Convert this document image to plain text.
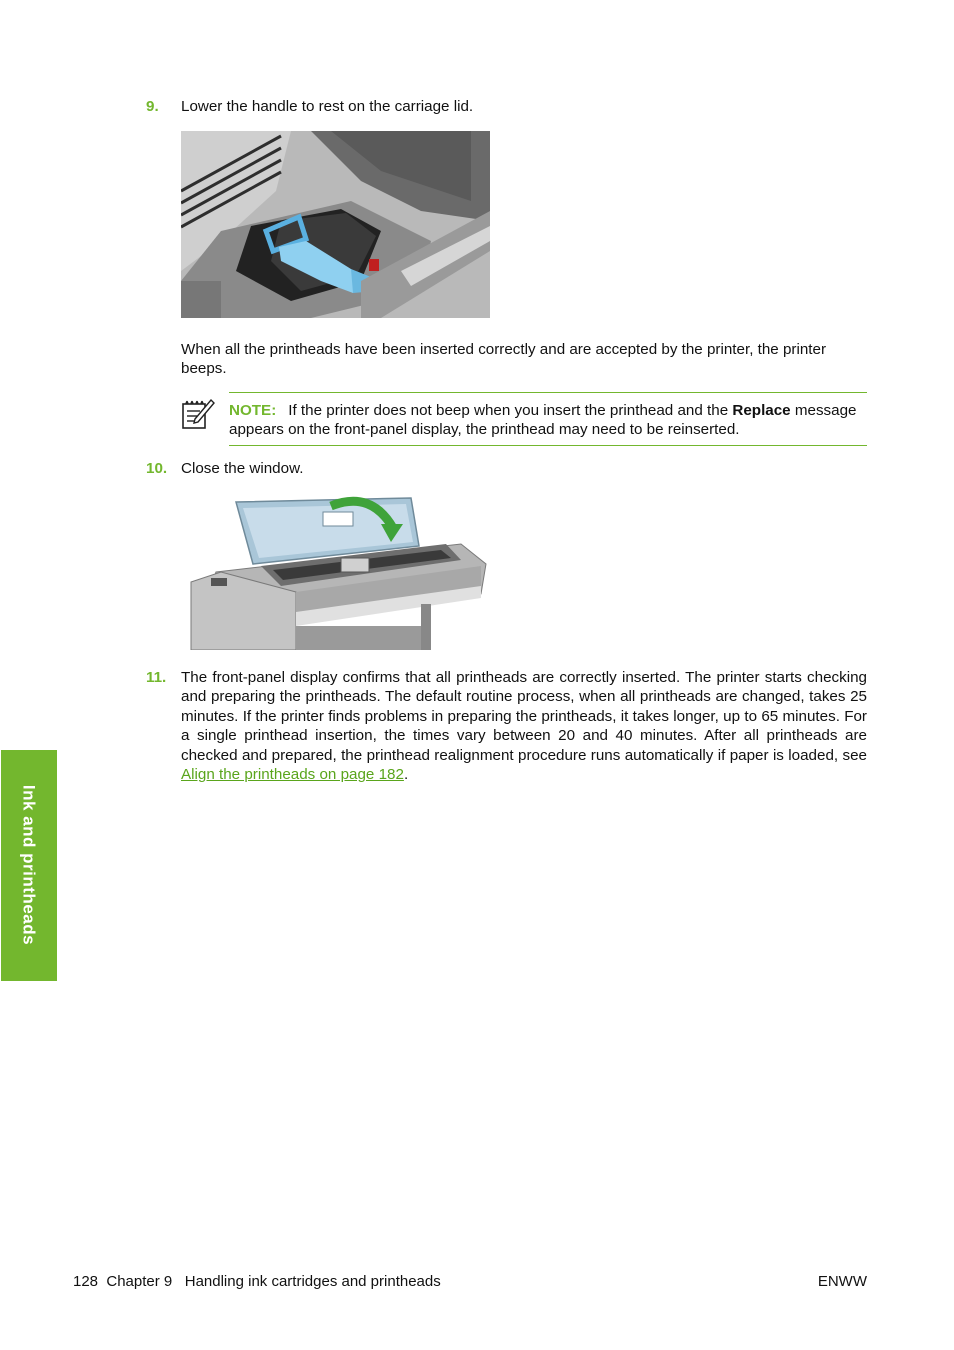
9. Lower the handle to rest on the carriage lid.
When all the printheads have been inserted correctly and are accepted by the printer, the printer beeps.
NOTE: If the printer does not beep when you insert the printhead and the Replace message appears on the front-panel display, the printhead may need to be reinserted.
10. Close the window.
11. The front-panel display confirms that all printheads are correctly inserted. The printer starts checking and preparing the printheads. The default routine process, when all printheads are changed, takes 25 minutes. If the printer finds problems in preparing the printheads, it takes longer, up to 65 minutes. For a single printhead insertion, the times vary between 20 and 40 minutes. After all printheads are checked and prepared, the printhead realignment procedure runs automatically if paper is loaded, see Align the printheads on page 182.
Ink and printheads
128  Chapter 9   Handling ink cartridges and printheads	ENWW
